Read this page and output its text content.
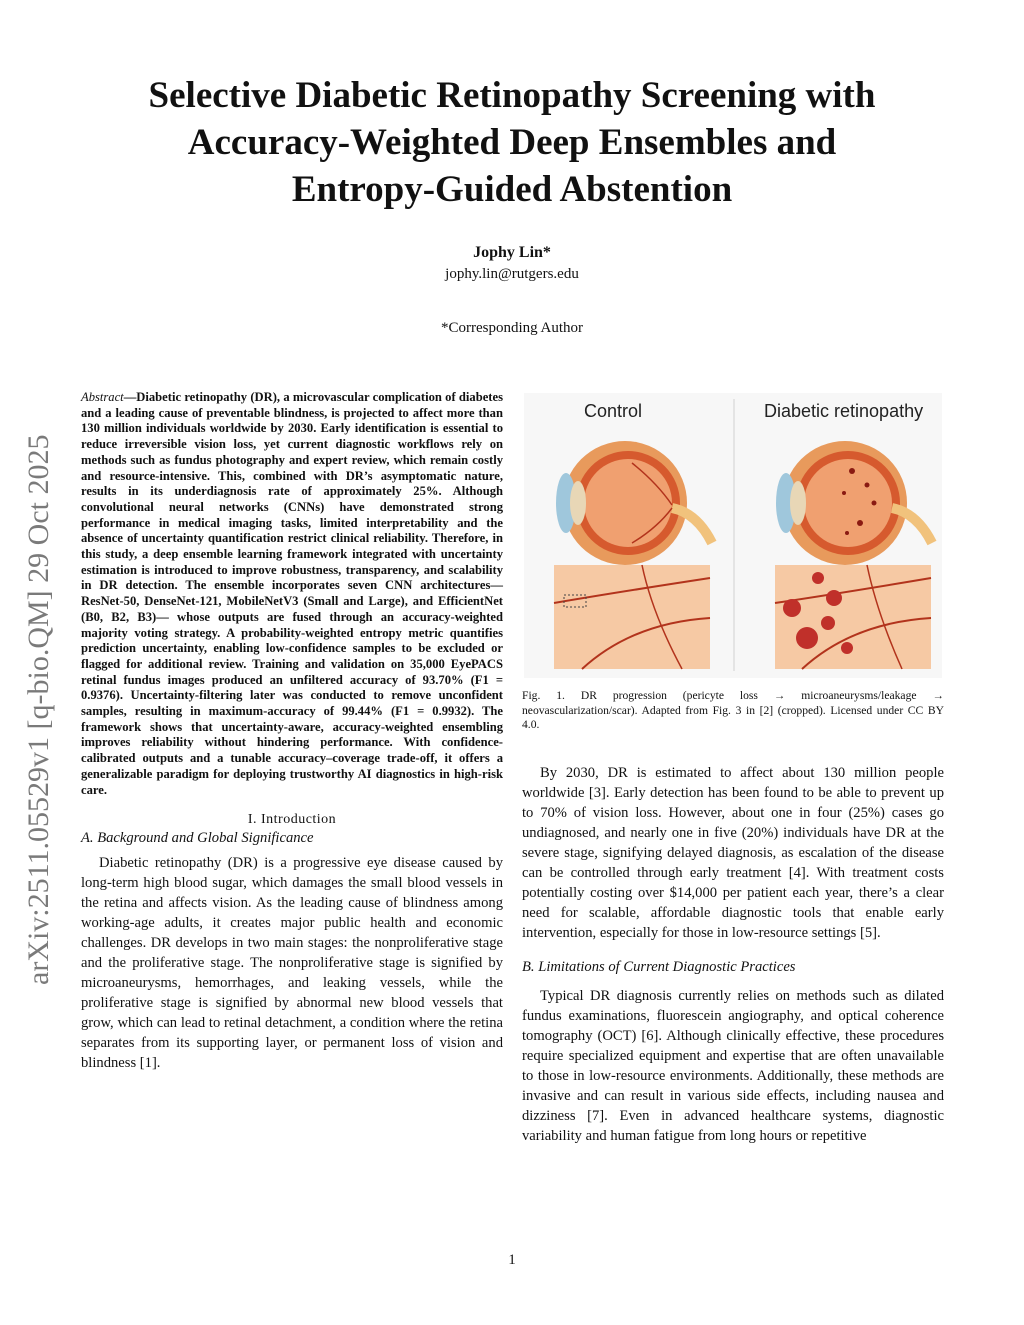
arXiv:2511.05529v1 [q-bio.QM] 29 Oct 2025
Selective Diabetic Retinopathy Screening with
Accuracy-Weighted Deep Ensembles and
Entropy-Guided Abstention
Jophy Lin*
jophy.lin@rutgers.edu
*Corresponding Author

Abstract—Diabetic retinopathy (DR), a microvascular complication of diabetes and a leading cause of preventable blindness, is projected to affect more than 130 million individuals worldwide by 2030. Early identification is essential to reduce irreversible vision loss, yet current diagnostic workflows rely on methods such as fundus photography and expert review, which remain costly and resource-intensive. This, combined with DR’s asymptomatic nature, results in its underdiagnosis rate of approximately 25%. Although convolutional neural networks (CNNs) have demonstrated strong performance in medical imaging tasks, limited interpretability and the absence of uncertainty quantification restrict clinical reliability. Therefore, in this study, a deep ensemble learning framework integrated with uncertainty estimation is introduced to improve robustness, transparency, and scalability in DR detection. The ensemble incorporates seven CNN architectures—ResNet-50, DenseNet-121, MobileNetV3 (Small and Large), and EfficientNet (B0, B2, B3)— whose outputs are fused through an accuracy-weighted majority voting strategy. A probability-weighted entropy metric quantifies prediction uncertainty, enabling low-confidence samples to be excluded or flagged for additional review. Training and validation on 35,000 EyePACS retinal fundus images produced an unfiltered accuracy of 93.70% (F1 = 0.9376). Uncertainty-filtering later was conducted to remove unconfident samples, resulting in maximum-accuracy of 99.44% (F1 = 0.9932). The framework shows that uncertainty-aware, accuracy-weighted ensembling improves reliability without hindering performance. With confidence-calibrated outputs and a tunable accuracy–coverage trade-off, it offers a generalizable paradigm for deploying trustworthy AI diagnostics in high-risk care.

I. Introduction
A. Background and Global Significance

Diabetic retinopathy (DR) is a progressive eye disease caused by long-term high blood sugar, which damages the small blood vessels in the retina and affects vision. As the leading cause of blindness among working-age adults, it creates major public health and economic challenges. DR develops in two main stages: the nonproliferative stage and the proliferative stage. The nonproliferative stage is signified by microaneurysms, hemorrhages, and leaking vessels, while the proliferative stage is signified by abnormal new blood vessels that grow, which can lead to retinal detachment, a condition where the retina separates from its supporting layer, or permanent loss of vision and blindness [1].

Control	Diabetic retinopathy

Fig. 1. DR progression (pericyte loss → microaneurysms/leakage → neovascularization/scar). Adapted from Fig. 3 in [2] (cropped). Licensed under CC BY 4.0.

By 2030, DR is estimated to affect about 130 million people worldwide [3]. Early detection has been found to be able to prevent up to 70% of vision loss. However, about one in four (25%) cases go undiagnosed, and nearly one in five (20%) individuals have DR at the severe stage, signifying delayed diagnosis, as escalation of the disease can be controlled through early treatment [4]. With treatment costs potentially costing over $14,000 per patient each year, there’s a clear need for scalable, affordable diagnostic tools that enable early intervention, especially for those in low-resource settings [5].

B. Limitations of Current Diagnostic Practices

Typical DR diagnosis currently relies on methods such as dilated fundus examinations, fluorescein angiography, and optical coherence tomography (OCT) [6]. Although clinically effective, these procedures require specialized equipment and expertise that are often unavailable to those in low-resource environments. Additionally, these methods are invasive and can result in various side effects, including nausea and dizziness [7]. Even in advanced healthcare systems, diagnostic variability and human fatigue from long hours or repetitive

1
